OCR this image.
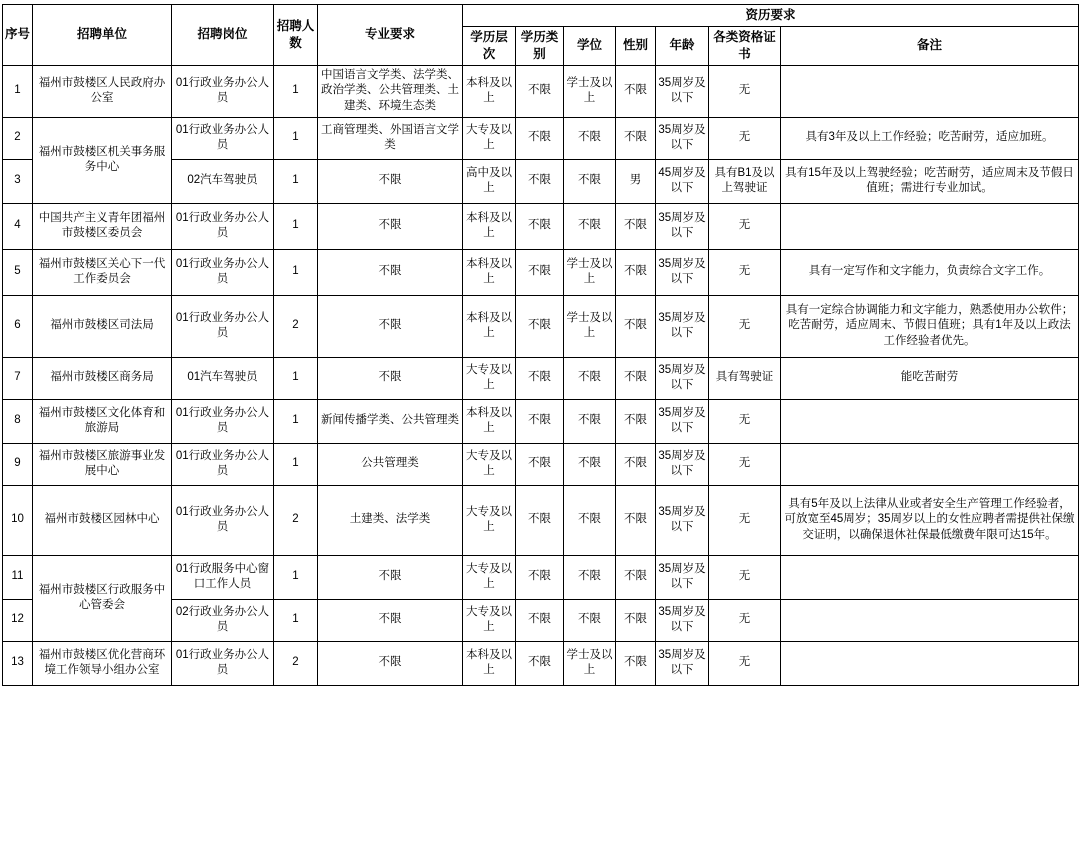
序号	招聘单位	招聘岗位	招聘人数	专业要求	资历要求						
					学历层次	学历类别	学位	性别	年龄	各类资格证书	备注
1	福州市鼓楼区人民政府办公室	01行政业务办公人员	1	中国语言文学类、法学类、政治学类、公共管理类、土建类、环境生态类	本科及以上	不限	学士及以上	不限	35周岁及以下	无	
2	福州市鼓楼区机关事务服务中心	01行政业务办公人员	1	工商管理类、外国语言文学类	大专及以上	不限	不限	不限	35周岁及以下	无	具有3年及以上工作经验；吃苦耐劳，适应加班。
3		02汽车驾驶员	1	不限	高中及以上	不限	不限	男	45周岁及以下	具有B1及以上驾驶证	具有15年及以上驾驶经验；吃苦耐劳，适应周末及节假日值班；需进行专业加试。
4	中国共产主义青年团福州市鼓楼区委员会	01行政业务办公人员	1	不限	本科及以上	不限	不限	不限	35周岁及以下	无	
5	福州市鼓楼区关心下一代工作委员会	01行政业务办公人员	1	不限	本科及以上	不限	学士及以上	不限	35周岁及以下	无	具有一定写作和文字能力，负责综合文字工作。
6	福州市鼓楼区司法局	01行政业务办公人员	2	不限	本科及以上	不限	学士及以上	不限	35周岁及以下	无	具有一定综合协调能力和文字能力，熟悉使用办公软件；吃苦耐劳，适应周末、节假日值班；具有1年及以上政法工作经验者优先。
7	福州市鼓楼区商务局	01汽车驾驶员	1	不限	大专及以上	不限	不限	不限	35周岁及以下	具有驾驶证	能吃苦耐劳
8	福州市鼓楼区文化体育和旅游局	01行政业务办公人员	1	新闻传播学类、公共管理类	本科及以上	不限	不限	不限	35周岁及以下	无	
9	福州市鼓楼区旅游事业发展中心	01行政业务办公人员	1	公共管理类	大专及以上	不限	不限	不限	35周岁及以下	无	
10	福州市鼓楼区园林中心	01行政业务办公人员	2	土建类、法学类	大专及以上	不限	不限	不限	35周岁及以下	无	具有5年及以上法律从业或者安全生产管理工作经验者，可放宽至45周岁；35周岁以上的女性应聘者需提供社保缴交证明，以确保退休社保最低缴费年限可达15年。
11	福州市鼓楼区行政服务中心管委会	01行政服务中心窗口工作人员	1	不限	大专及以上	不限	不限	不限	35周岁及以下	无	
12		02行政业务办公人员	1	不限	大专及以上	不限	不限	不限	35周岁及以下	无	
13	福州市鼓楼区优化营商环境工作领导小组办公室	01行政业务办公人员	2	不限	本科及以上	不限	学士及以上	不限	35周岁及以下	无	
